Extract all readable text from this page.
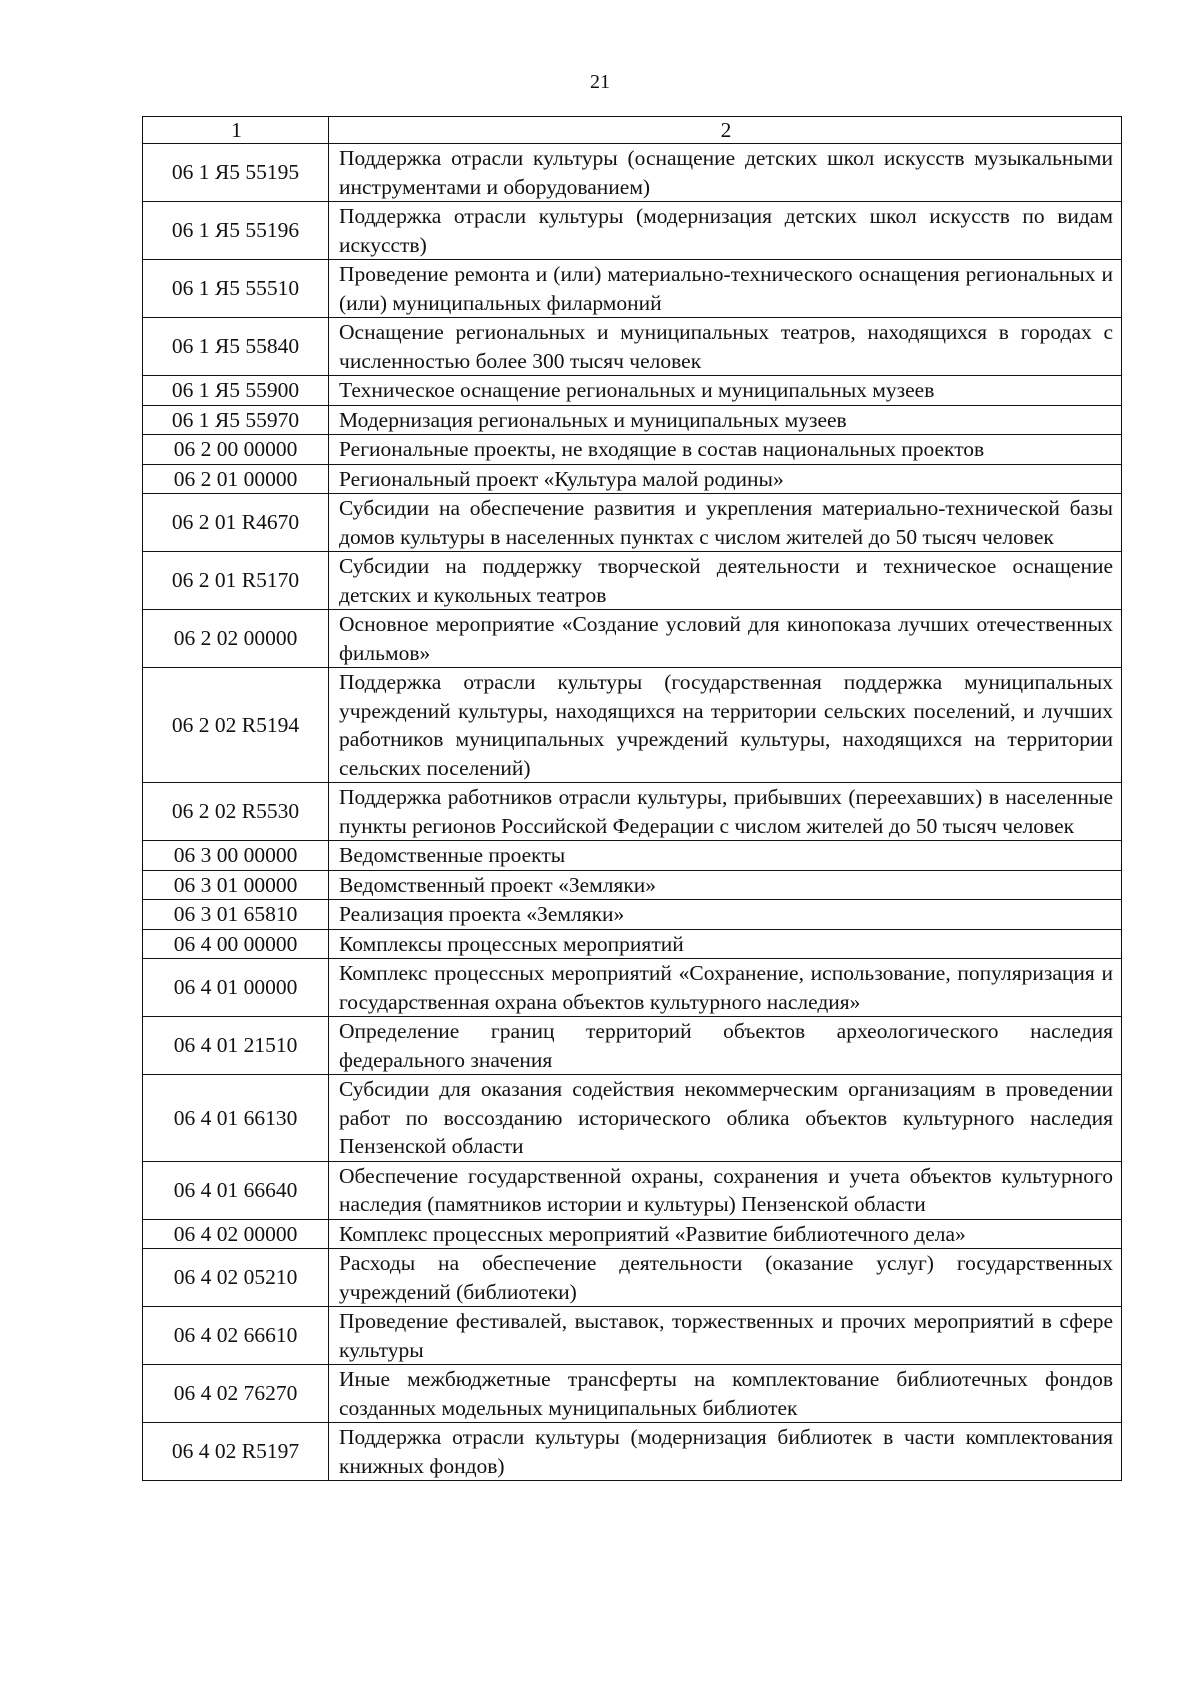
21
1	2
06 1 Я5 55195	Поддержка отрасли культуры (оснащение детских школ искусств музыкальными инструментами и оборудованием)
06 1 Я5 55196	Поддержка отрасли культуры (модернизация детских школ искусств по видам искусств)
06 1 Я5 55510	Проведение ремонта и (или) материально-технического оснащения региональных и (или) муниципальных филармоний
06 1 Я5 55840	Оснащение региональных и муниципальных театров, находящихся в городах с численностью более 300 тысяч человек
06 1 Я5 55900	Техническое оснащение региональных и муниципальных музеев
06 1 Я5 55970	Модернизация региональных и муниципальных музеев
06 2 00 00000	Региональные проекты, не входящие в состав национальных проектов
06 2 01 00000	Региональный проект «Культура малой родины»
06 2 01 R4670	Субсидии на обеспечение развития и укрепления материально-технической базы домов культуры в населенных пунктах с числом жителей до 50 тысяч человек
06 2 01 R5170	Субсидии на поддержку творческой деятельности и техническое оснащение детских и кукольных театров
06 2 02 00000	Основное мероприятие «Создание условий для кинопоказа лучших отечественных фильмов»
06 2 02 R5194	Поддержка отрасли культуры (государственная поддержка муниципальных учреждений культуры, находящихся на территории сельских поселений, и лучших работников муниципальных учреждений культуры, находящихся на территории сельских поселений)
06 2 02 R5530	Поддержка работников отрасли культуры, прибывших (переехавших) в населенные пункты регионов Российской Федерации с числом жителей до 50 тысяч человек
06 3 00 00000	Ведомственные проекты
06 3 01 00000	Ведомственный проект «Земляки»
06 3 01 65810	Реализация проекта «Земляки»
06 4 00 00000	Комплексы процессных мероприятий
06 4 01 00000	Комплекс процессных мероприятий «Сохранение, использование, популяризация и государственная охрана объектов культурного наследия»
06 4 01 21510	Определение границ территорий объектов археологического наследия федерального значения
06 4 01 66130	Субсидии для оказания содействия некоммерческим организациям в проведении работ по воссозданию исторического облика объектов культурного наследия Пензенской области
06 4 01 66640	Обеспечение государственной охраны, сохранения и учета объектов культурного наследия (памятников истории и культуры) Пензенской области
06 4 02 00000	Комплекс процессных мероприятий «Развитие библиотечного дела»
06 4 02 05210	Расходы на обеспечение деятельности (оказание услуг) государственных учреждений (библиотеки)
06 4 02 66610	Проведение фестивалей, выставок, торжественных и прочих мероприятий в сфере культуры
06 4 02 76270	Иные межбюджетные трансферты на комплектование библиотечных фондов созданных модельных муниципальных библиотек
06 4 02 R5197	Поддержка отрасли культуры (модернизация библиотек в части комплектования книжных фондов)
